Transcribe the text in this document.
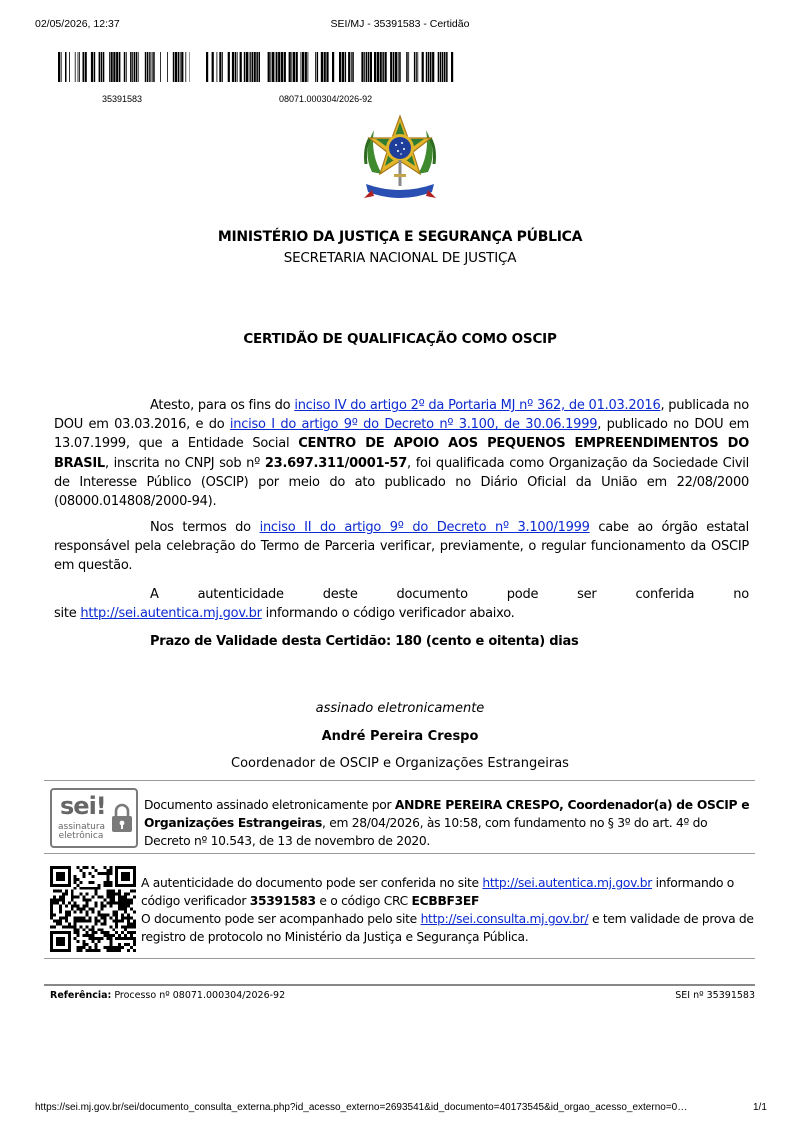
02/05/2026, 12:37	SEI/MJ - 35391583 - Certidão
35391583	08071.000304/2026-92
MINISTÉRIO DA JUSTIÇA E SEGURANÇA PÚBLICA
SECRETARIA NACIONAL DE JUSTIÇA
CERTIDÃO DE QUALIFICAÇÃO COMO OSCIP
Atesto, para os fins do inciso IV do artigo 2º da Portaria MJ nº 362, de 01.03.2016, publicada no DOU em 03.03.2016, e do inciso I do artigo 9º do Decreto nº 3.100, de 30.06.1999, publicado no DOU em 13.07.1999, que a Entidade Social CENTRO DE APOIO AOS PEQUENOS EMPREENDIMENTOS DO BRASIL, inscrita no CNPJ sob nº 23.697.311/0001-57, foi qualificada como Organização da Sociedade Civil de Interesse Público (OSCIP) por meio do ato publicado no Diário Oficial da União em 22/08/2000 (08000.014808/2000-94).
Nos termos do inciso II do artigo 9º do Decreto nº 3.100/1999 cabe ao órgão estatal responsável pela celebração do Termo de Parceria verificar, previamente, o regular funcionamento da OSCIP em questão.
A	autenticidade	deste	documento	pode	ser	conferida	no
site http://sei.autentica.mj.gov.br informando o código verificador abaixo.
Prazo de Validade desta Certidão: 180 (cento e oitenta) dias
assinado eletronicamente
André Pereira Crespo
Coordenador de OSCIP e Organizações Estrangeiras
sei!
assinatura
eletrônica
Documento assinado eletronicamente por ANDRE PEREIRA CRESPO, Coordenador(a) de OSCIP e Organizações Estrangeiras, em 28/04/2026, às 10:58, com fundamento no § 3º do art. 4º do Decreto nº 10.543, de 13 de novembro de 2020.
A autenticidade do documento pode ser conferida no site http://sei.autentica.mj.gov.br informando o código verificador 35391583 e o código CRC ECBBF3EF
O documento pode ser acompanhado pelo site http://sei.consulta.mj.gov.br/ e tem validade de prova de registro de protocolo no Ministério da Justiça e Segurança Pública.
Referência: Processo nº 08071.000304/2026-92	SEI nº 35391583
https://sei.mj.gov.br/sei/documento_consulta_externa.php?id_acesso_externo=2693541&id_documento=40173545&id_orgao_acesso_externo=0…	1/1
